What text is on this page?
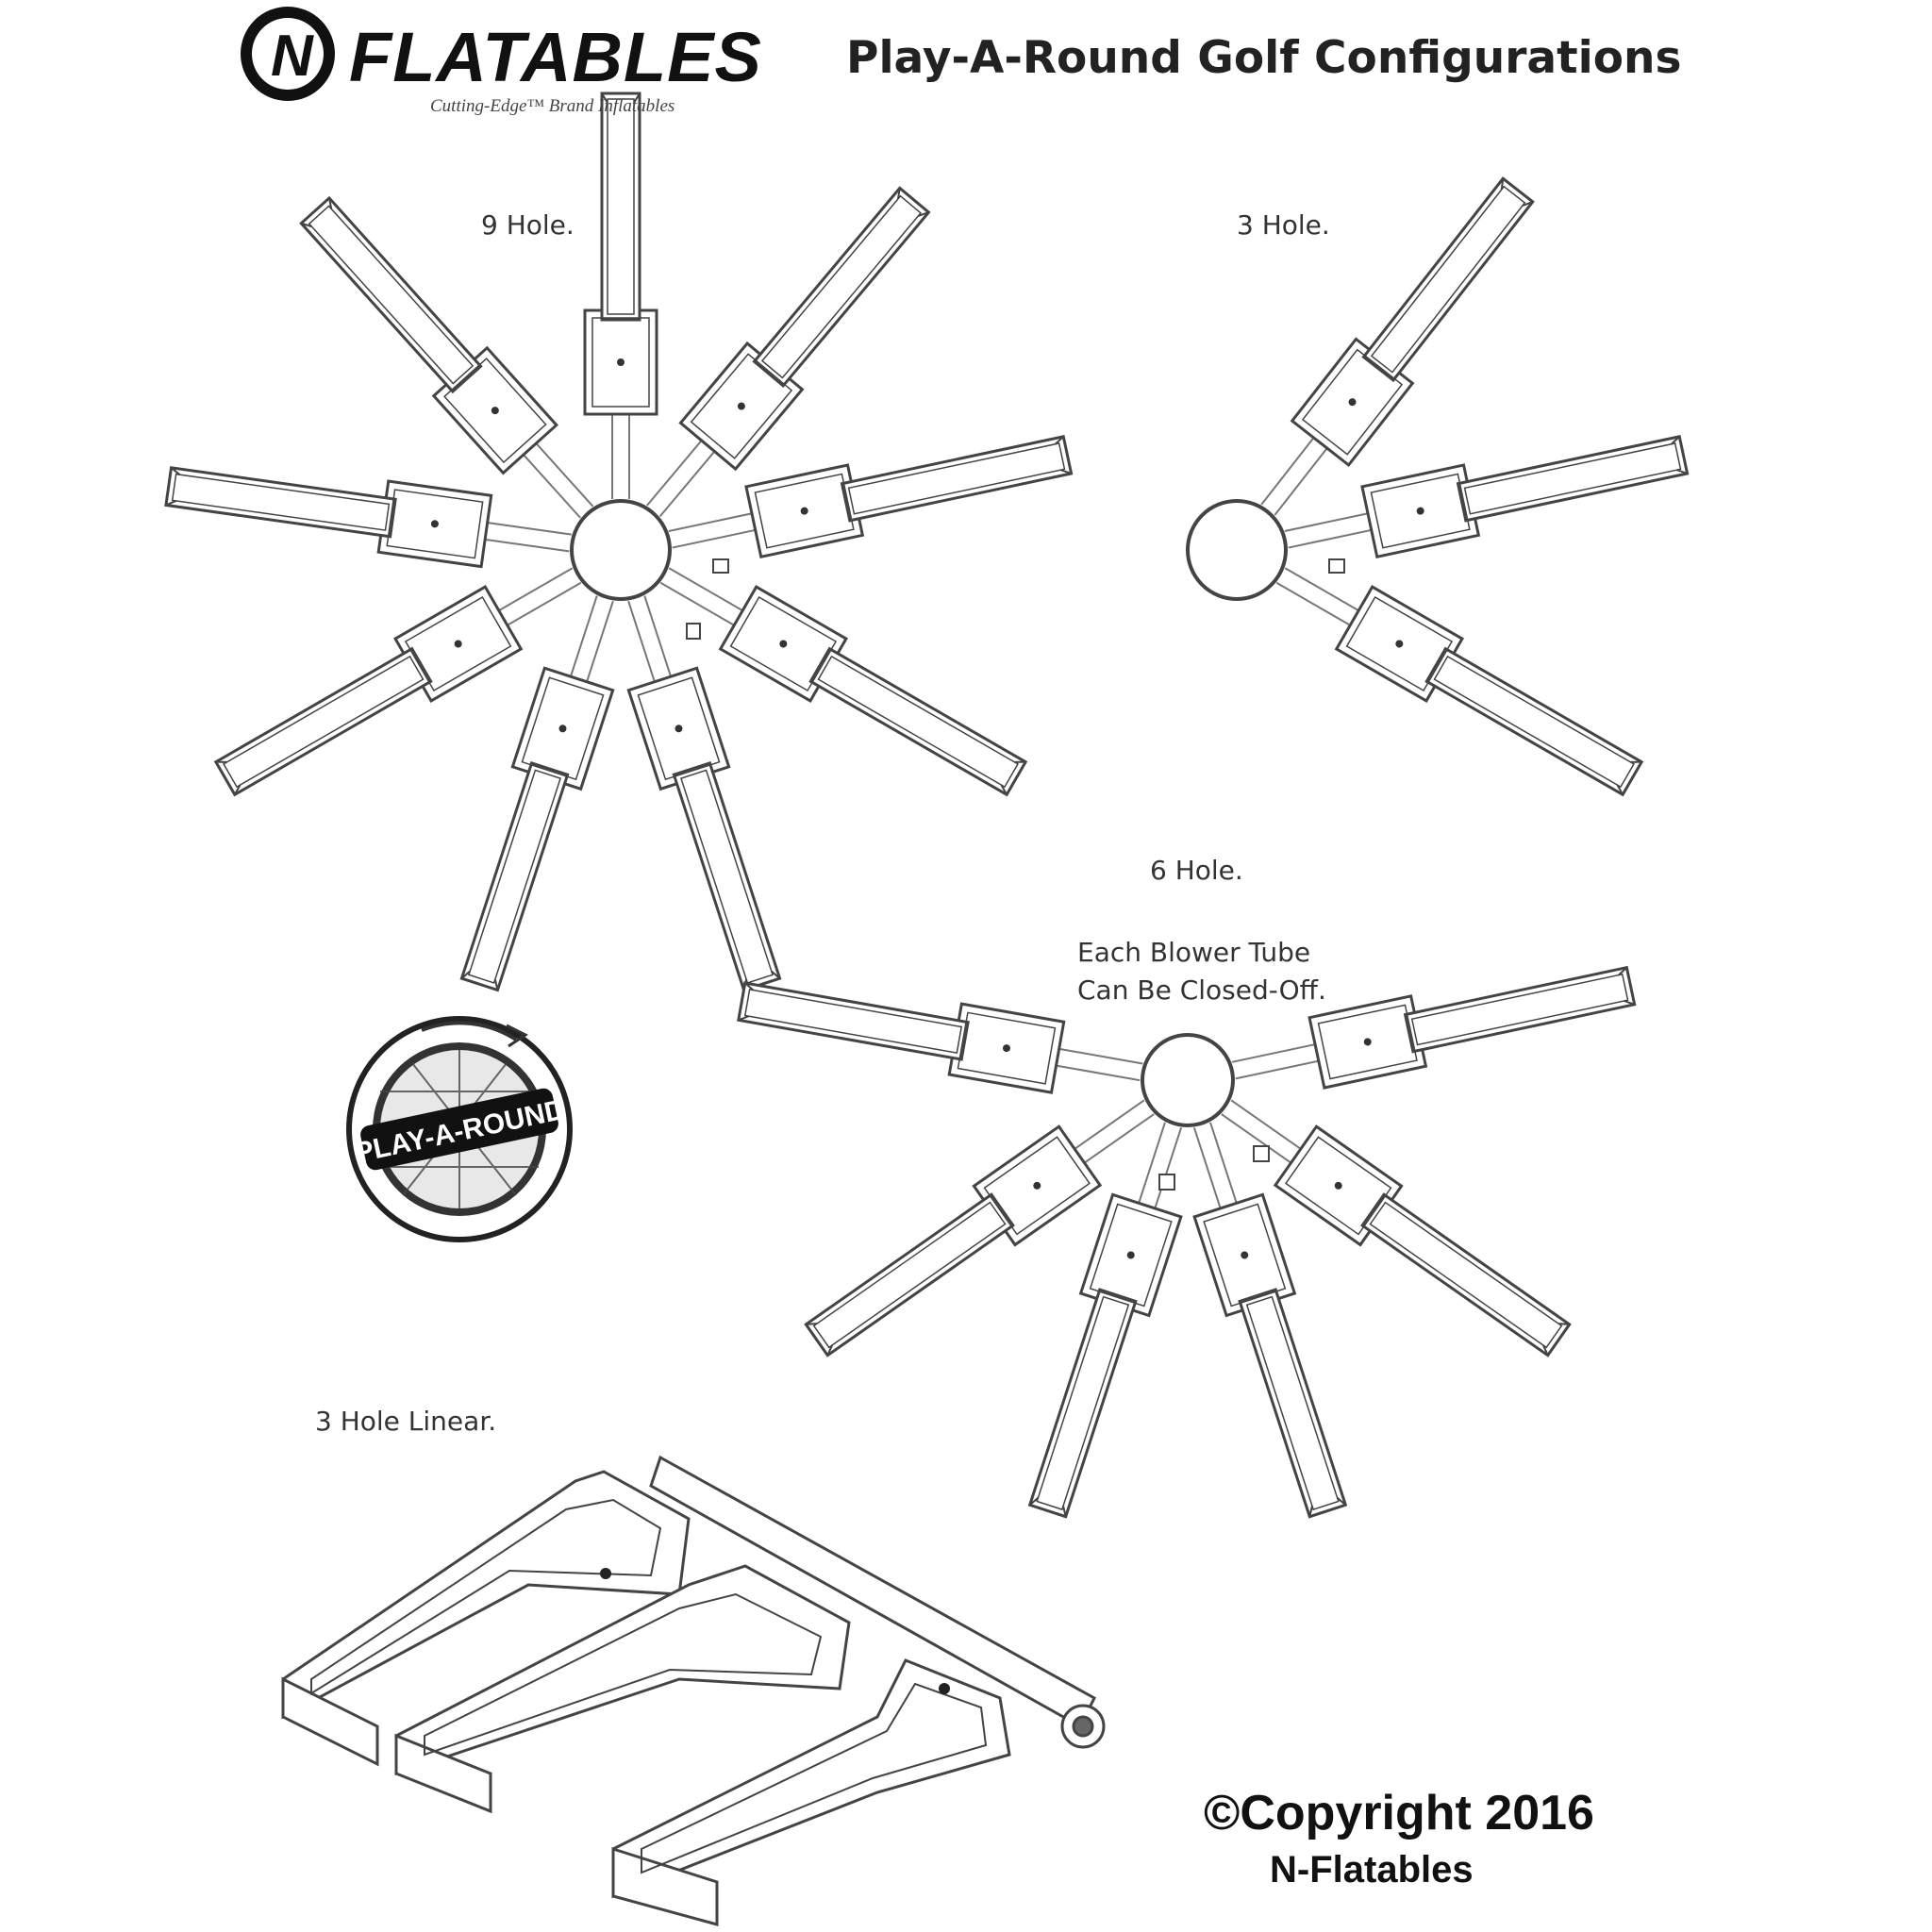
N
PLAY-A-ROUND
FLATABLES
Cutting-Edge™ Brand Inflatables
Play-A-Round Golf Configurations
9 Hole.	3 Hole.
6 Hole.
Each Blower Tube
Can Be Closed-Off.
3 Hole Linear.
©Copyright 2016
N-Flatables
